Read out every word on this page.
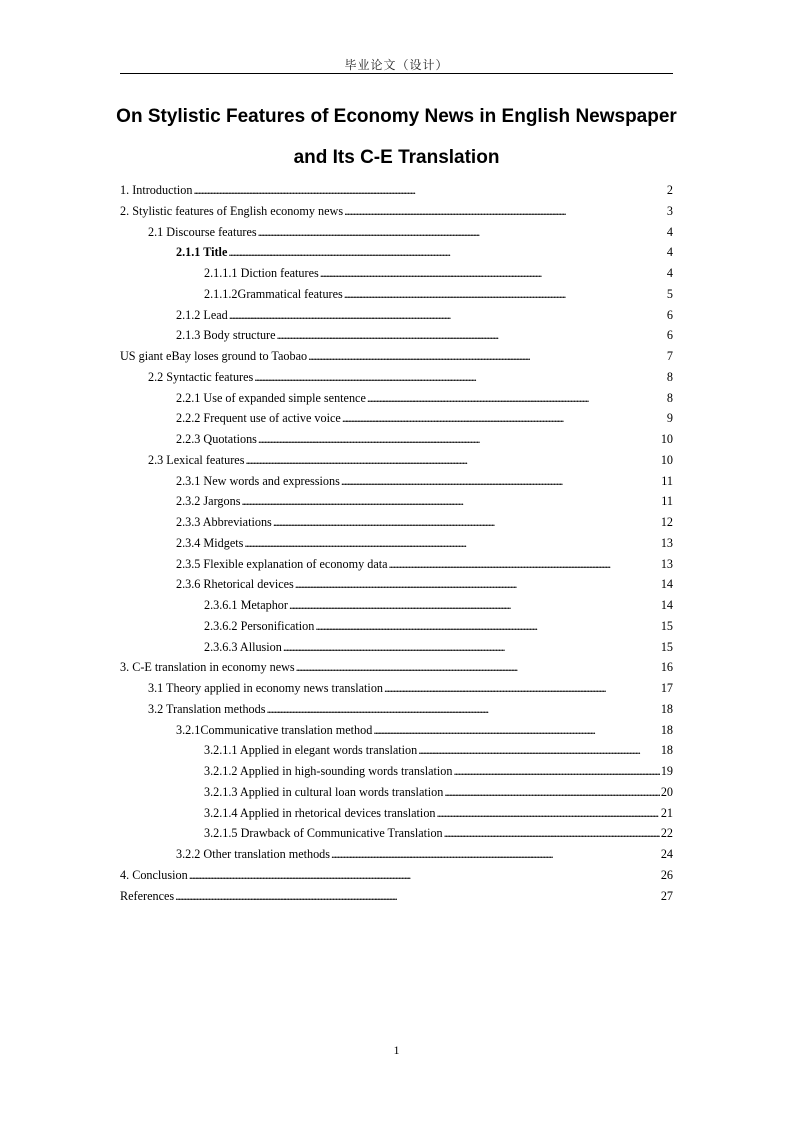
毕业论文（设计）
On Stylistic Features of Economy News in English Newspaper
and Its C-E Translation
1. Introduction . . .	2
2. Stylistic features of English economy news . . .	3
2.1 Discourse features . . .	4
2.1.1 Title . . .	4
2.1.1.1 Diction features . . .	4
2.1.1.2Grammatical features . . .	5
2.1.2 Lead . . .	6
2.1.3 Body structure . . .	6
US giant eBay loses ground to Taobao . . .	7
2.2 Syntactic features . . .	8
2.2.1 Use of expanded simple sentence . . .	8
2.2.2 Frequent use of active voice . . .	9
2.2.3 Quotations . . .	10
2.3 Lexical features . . .	10
2.3.1 New words and expressions . . .	11
2.3.2 Jargons . . .	11
2.3.3 Abbreviations . . .	12
2.3.4 Midgets . . .	13
2.3.5 Flexible explanation of economy data . . .	13
2.3.6 Rhetorical devices . . .	14
2.3.6.1 Metaphor . . .	14
2.3.6.2 Personification . . .	15
2.3.6.3 Allusion . . .	15
3. C-E translation in economy news . . .	16
3.1 Theory applied in economy news translation . . .	17
3.2 Translation methods . . .	18
3.2.1Communicative translation method . . .	18
3.2.1.1 Applied in elegant words translation . . .	18
3.2.1.2 Applied in high-sounding words translation . . .	19
3.2.1.3 Applied in cultural loan words translation . . .	20
3.2.1.4 Applied in rhetorical devices translation . . .	21
3.2.1.5 Drawback of Communicative Translation . . .	22
3.2.2 Other translation methods . . .	24
4. Conclusion . . .	26
References . . .	27
1
